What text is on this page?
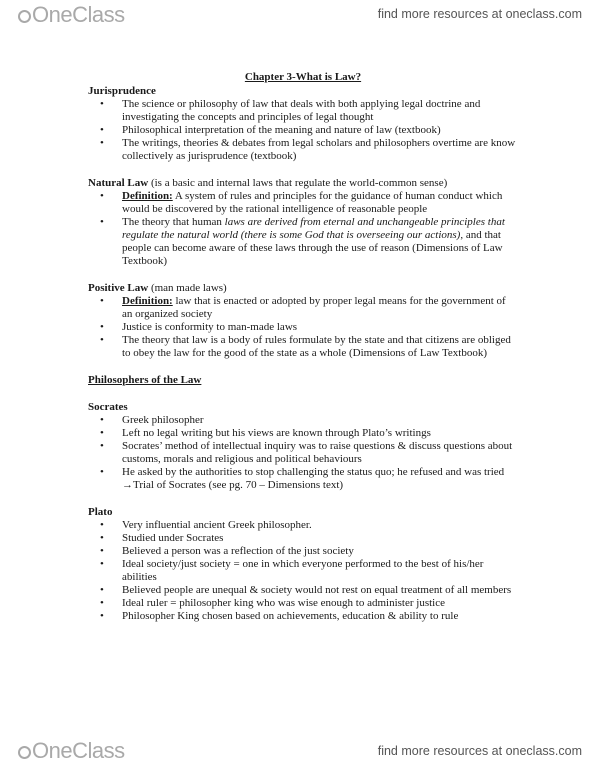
OneClass	find more resources at oneclass.com

Chapter 3-What is Law?

Jurisprudence

• The science or philosophy of law that deals with both applying legal doctrine and investigating the concepts and principles of legal thought
• Philosophical interpretation of the meaning and nature of law (textbook)
• The writings, theories & debates from legal scholars and philosophers overtime are know collectively as jurisprudence (textbook)

Natural Law (is a basic and internal laws that regulate the world-common sense)

• Definition: A system of rules and principles for the guidance of human conduct which would be discovered by the rational intelligence of reasonable people
• The theory that human laws are derived from eternal and unchangeable principles that regulate the natural world (there is some God that is overseeing our actions), and that people can become aware of these laws through the use of reason (Dimensions of Law Textbook)

Positive Law (man made laws)

• Definition: law that is enacted or adopted by proper legal means for the government of an organized society
• Justice is conformity to man-made laws
• The theory that law is a body of rules formulate by the state and that citizens are obliged to obey the law for the good of the state as a whole (Dimensions of Law Textbook)

Philosophers of the Law

Socrates

• Greek philosopher
• Left no legal writing but his views are known through Plato’s writings
• Socrates’ method of intellectual inquiry was to raise questions & discuss questions about customs, morals and religious and political behaviours
• He asked by the authorities to stop challenging the status quo; he refused and was tried →Trial of Socrates (see pg. 70 – Dimensions text)

Plato

• Very influential ancient Greek philosopher.
• Studied under Socrates
• Believed a person was a reflection of the just society
• Ideal society/just society = one in which everyone performed to the best of his/her abilities
• Believed people are unequal & society would not rest on equal treatment of all members
• Ideal ruler = philosopher king who was wise enough to administer justice
• Philosopher King chosen based on achievements, education & ability to rule
OneClass	find more resources at oneclass.com
